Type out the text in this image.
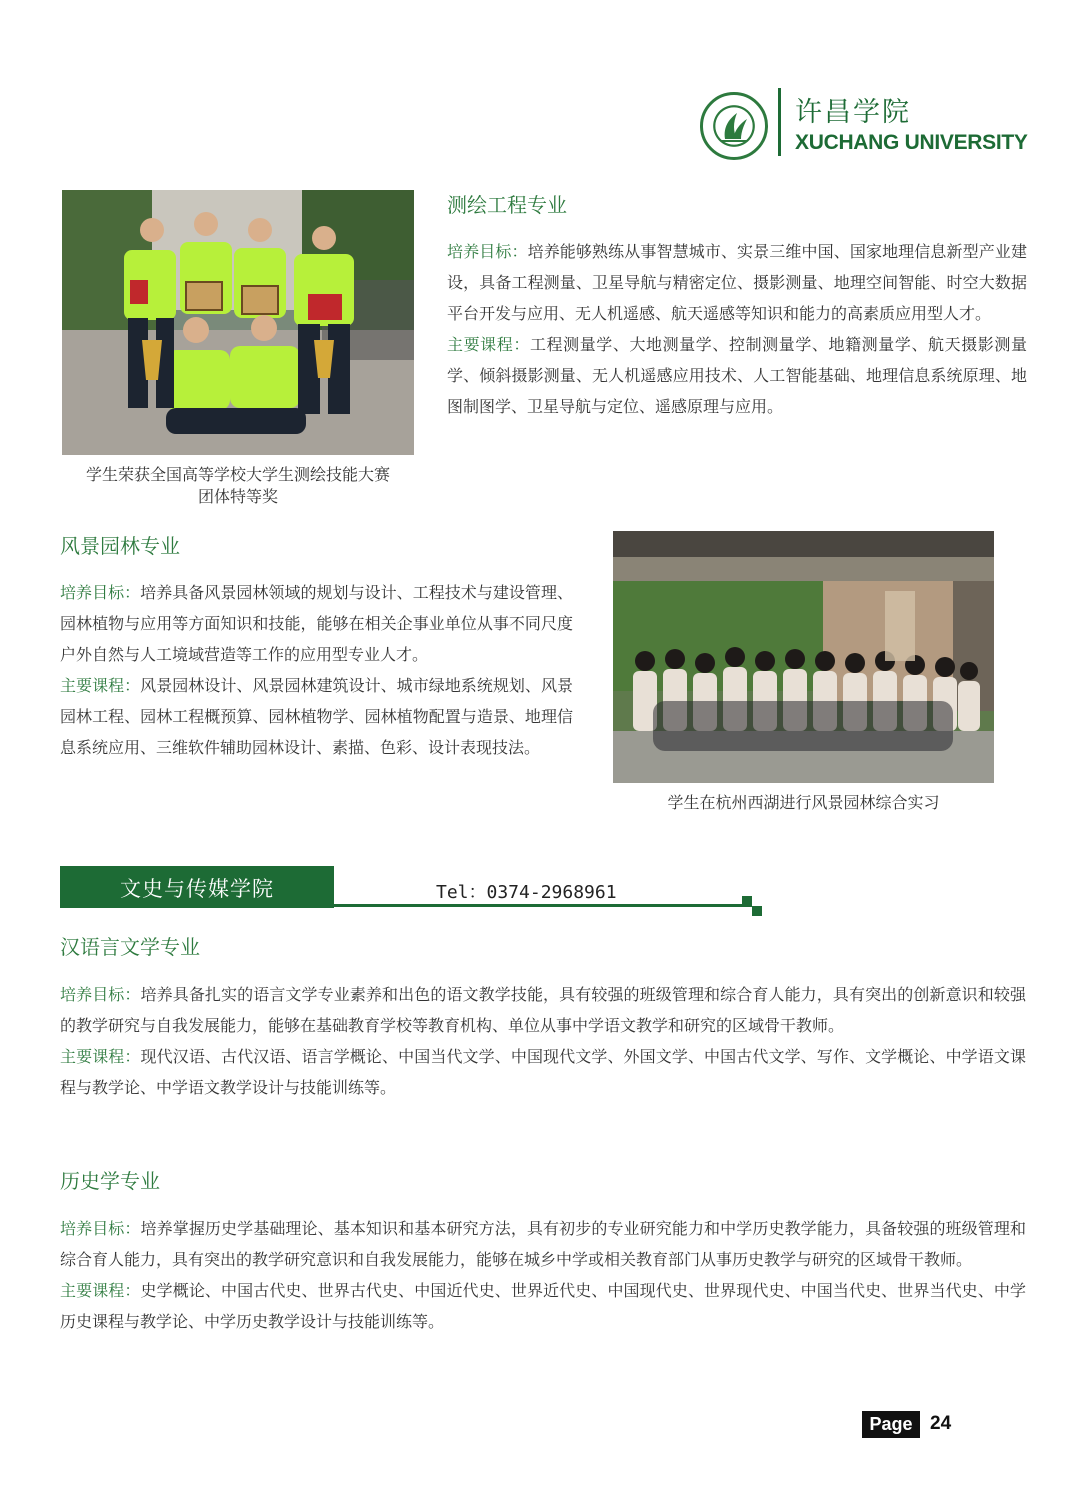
许昌学院
XUCHANG UNIVERSITY
学生荣获全国高等学校大学生测绘技能大赛
团体特等奖
测绘工程专业
培养目标：培养能够熟练从事智慧城市、实景三维中国、国家地理信息新型产业建设，具备工程测量、卫星导航与精密定位、摄影测量、地理空间智能、时空大数据平台开发与应用、无人机遥感、航天遥感等知识和能力的高素质应用型人才。
主要课程：工程测量学、大地测量学、控制测量学、地籍测量学、航天摄影测量学、倾斜摄影测量、无人机遥感应用技术、人工智能基础、地理信息系统原理、地图制图学、卫星导航与定位、遥感原理与应用。
风景园林专业
培养目标：培养具备风景园林领域的规划与设计、工程技术与建设管理、园林植物与应用等方面知识和技能，能够在相关企事业单位从事不同尺度户外自然与人工境域营造等工作的应用型专业人才。
主要课程：风景园林设计、风景园林建筑设计、城市绿地系统规划、风景园林工程、园林工程概预算、园林植物学、园林植物配置与造景、地理信息系统应用、三维软件辅助园林设计、素描、色彩、设计表现技法。
学生在杭州西湖进行风景园林综合实习
文史与传媒学院	Tel：0374-2968961
汉语言文学专业
培养目标：培养具备扎实的语言文学专业素养和出色的语文教学技能，具有较强的班级管理和综合育人能力，具有突出的创新意识和较强的教学研究与自我发展能力，能够在基础教育学校等教育机构、单位从事中学语文教学和研究的区域骨干教师。
主要课程：现代汉语、古代汉语、语言学概论、中国当代文学、中国现代文学、外国文学、中国古代文学、写作、文学概论、中学语文课程与教学论、中学语文教学设计与技能训练等。
历史学专业
培养目标：培养掌握历史学基础理论、基本知识和基本研究方法，具有初步的专业研究能力和中学历史教学能力，具备较强的班级管理和综合育人能力，具有突出的教学研究意识和自我发展能力，能够在城乡中学或相关教育部门从事历史教学与研究的区域骨干教师。
主要课程：史学概论、中国古代史、世界古代史、中国近代史、世界近代史、中国现代史、世界现代史、中国当代史、世界当代史、中学历史课程与教学论、中学历史教学设计与技能训练等。
Page 24
